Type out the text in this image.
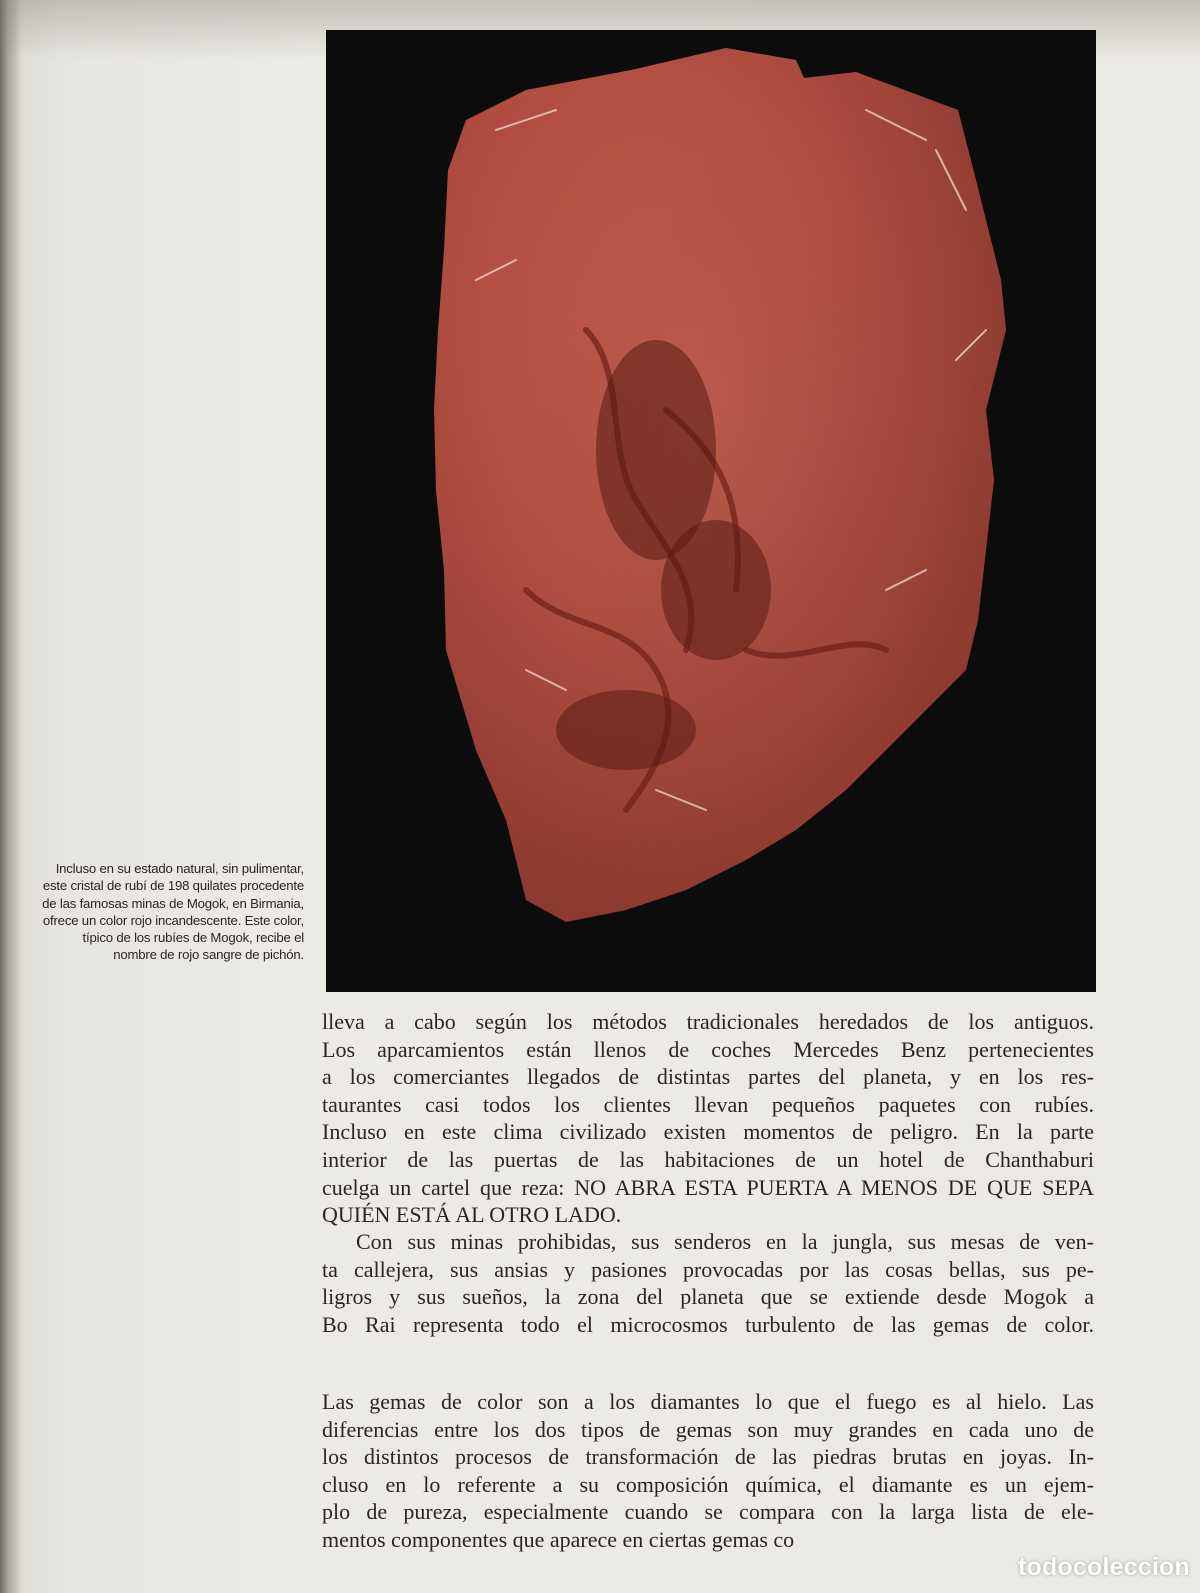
Incluso en su estado natural, sin pulimentar,
este cristal de rubí de 198 quilates procedente
de las famosas minas de Mogok, en Birmania,
ofrece un color rojo incandescente. Este color,
típico de los rubíes de Mogok, recibe el
nombre de rojo sangre de pichón.
lleva a cabo según los métodos tradicionales heredados de los antiguos.
Los aparcamientos están llenos de coches Mercedes Benz pertenecientes
a los comerciantes llegados de distintas partes del planeta, y en los res-
taurantes casi todos los clientes llevan pequeños paquetes con rubíes.
Incluso en este clima civilizado existen momentos de peligro. En la parte
interior de las puertas de las habitaciones de un hotel de Chanthaburi
cuelga un cartel que reza: NO ABRA ESTA PUERTA A MENOS DE QUE SEPA
QUIÉN ESTÁ AL OTRO LADO.
Con sus minas prohibidas, sus senderos en la jungla, sus mesas de ven-
ta callejera, sus ansias y pasiones provocadas por las cosas bellas, sus pe-
ligros y sus sueños, la zona del planeta que se extiende desde Mogok a
Bo Rai representa todo el microcosmos turbulento de las gemas de color.
Las gemas de color son a los diamantes lo que el fuego es al hielo. Las
diferencias entre los dos tipos de gemas son muy grandes en cada uno de
los distintos procesos de transformación de las piedras brutas en joyas. In-
cluso en lo referente a su composición química, el diamante es un ejem-
plo de pureza, especialmente cuando se compara con la larga lista de ele-
mentos componentes que aparece en ciertas gemas co
todocoleccion
